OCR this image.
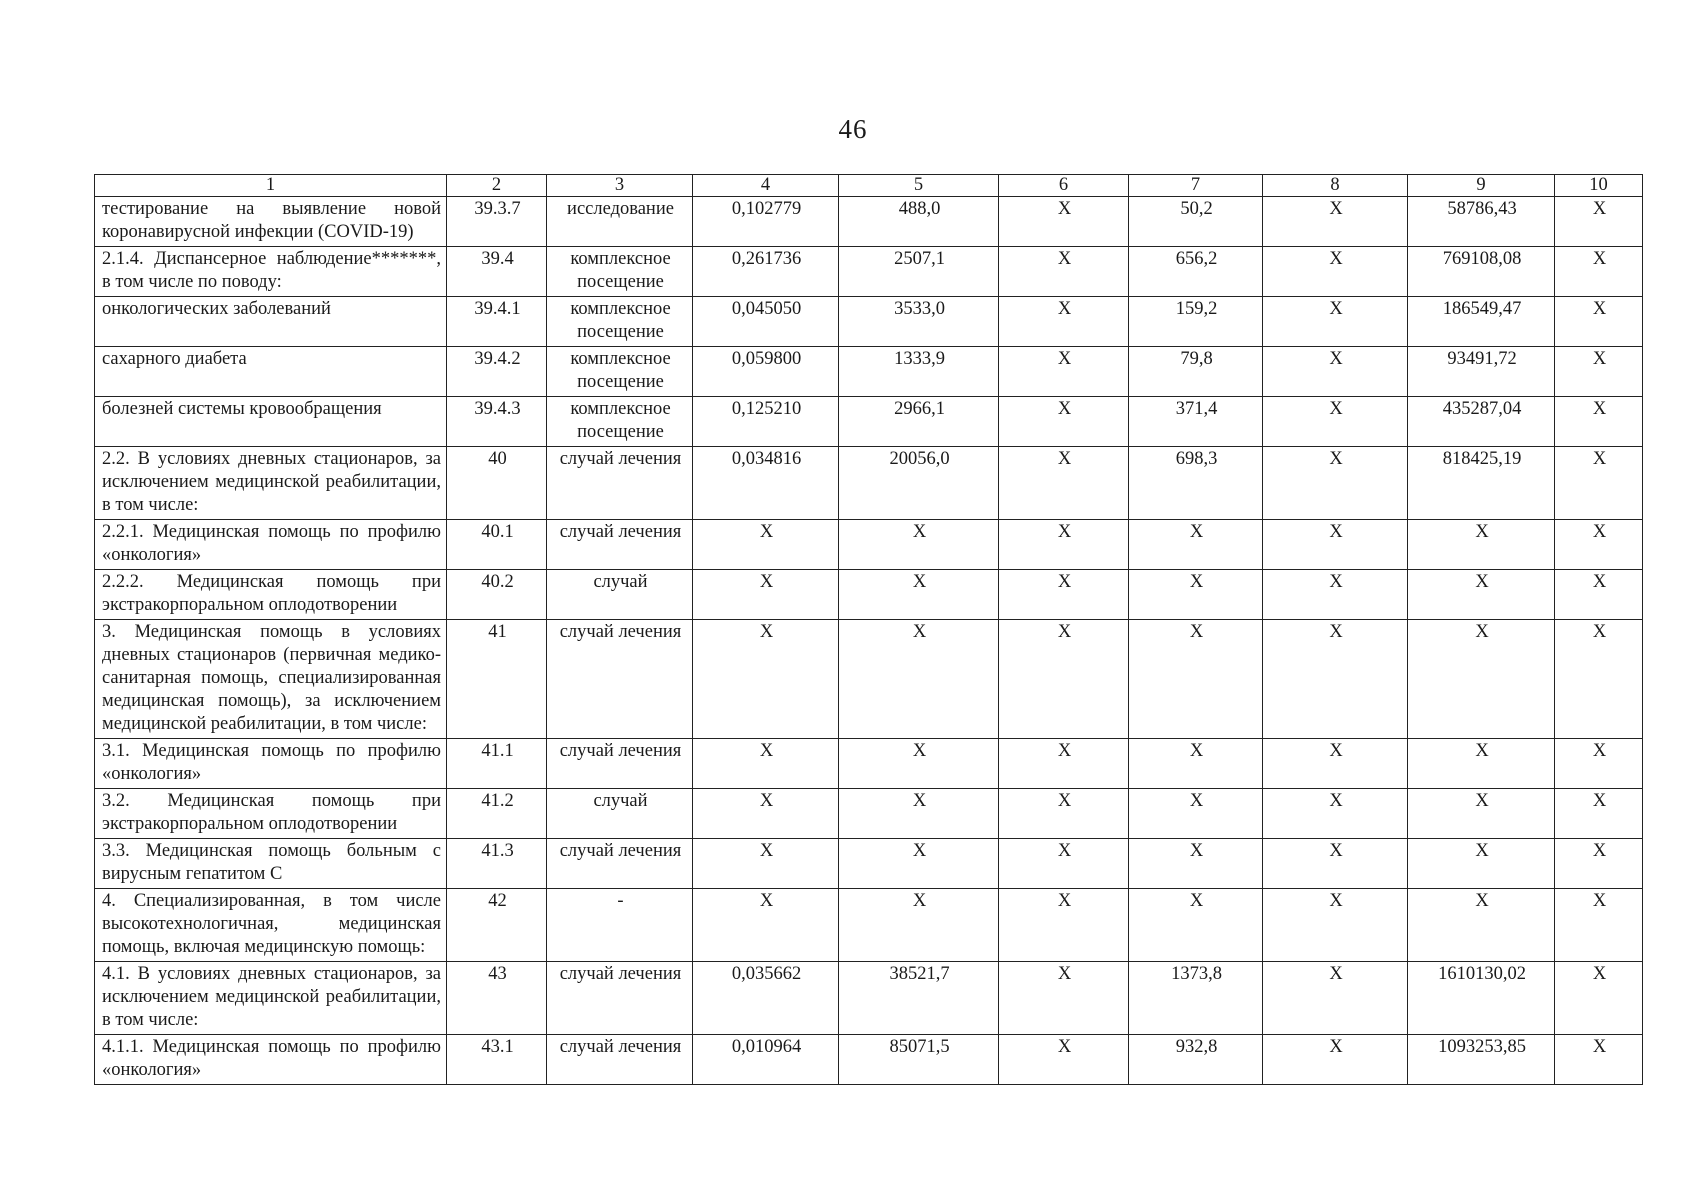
46
1	2	3	4	5	6	7	8	9	10
тестирование на выявление новой коронавирусной инфекции (COVID-19)	39.3.7	исследование	0,102779	488,0	X	50,2	X	58786,43	X
2.1.4. Диспансерное наблюдение*******, в том числе по поводу:	39.4	комплексное посещение	0,261736	2507,1	X	656,2	X	769108,08	X
онкологических заболеваний	39.4.1	комплексное посещение	0,045050	3533,0	X	159,2	X	186549,47	X
сахарного диабета	39.4.2	комплексное посещение	0,059800	1333,9	X	79,8	X	93491,72	X
болезней системы кровообращения	39.4.3	комплексное посещение	0,125210	2966,1	X	371,4	X	435287,04	X
2.2. В условиях дневных стационаров, за исключением медицинской реабилитации, в том числе:	40	случай лечения	0,034816	20056,0	X	698,3	X	818425,19	X
2.2.1. Медицинская помощь по профилю «онкология»	40.1	случай лечения	X	X	X	X	X	X	X
2.2.2. Медицинская помощь при экстракорпоральном оплодотворении	40.2	случай	X	X	X	X	X	X	X
3. Медицинская помощь в условиях дневных стационаров (первичная медико-санитарная помощь, специализированная медицинская помощь), за исключением медицинской реабилитации, в том числе:	41	случай лечения	X	X	X	X	X	X	X
3.1. Медицинская помощь по профилю «онкология»	41.1	случай лечения	X	X	X	X	X	X	X
3.2. Медицинская помощь при экстракорпоральном оплодотворении	41.2	случай	X	X	X	X	X	X	X
3.3. Медицинская помощь больным с вирусным гепатитом С	41.3	случай лечения	X	X	X	X	X	X	X
4. Специализированная, в том числе высокотехнологичная, медицинская помощь, включая медицинскую помощь:	42	-	X	X	X	X	X	X	X
4.1. В условиях дневных стационаров, за исключением медицинской реабилитации, в том числе:	43	случай лечения	0,035662	38521,7	X	1373,8	X	1610130,02	X
4.1.1. Медицинская помощь по профилю «онкология»	43.1	случай лечения	0,010964	85071,5	X	932,8	X	1093253,85	X
